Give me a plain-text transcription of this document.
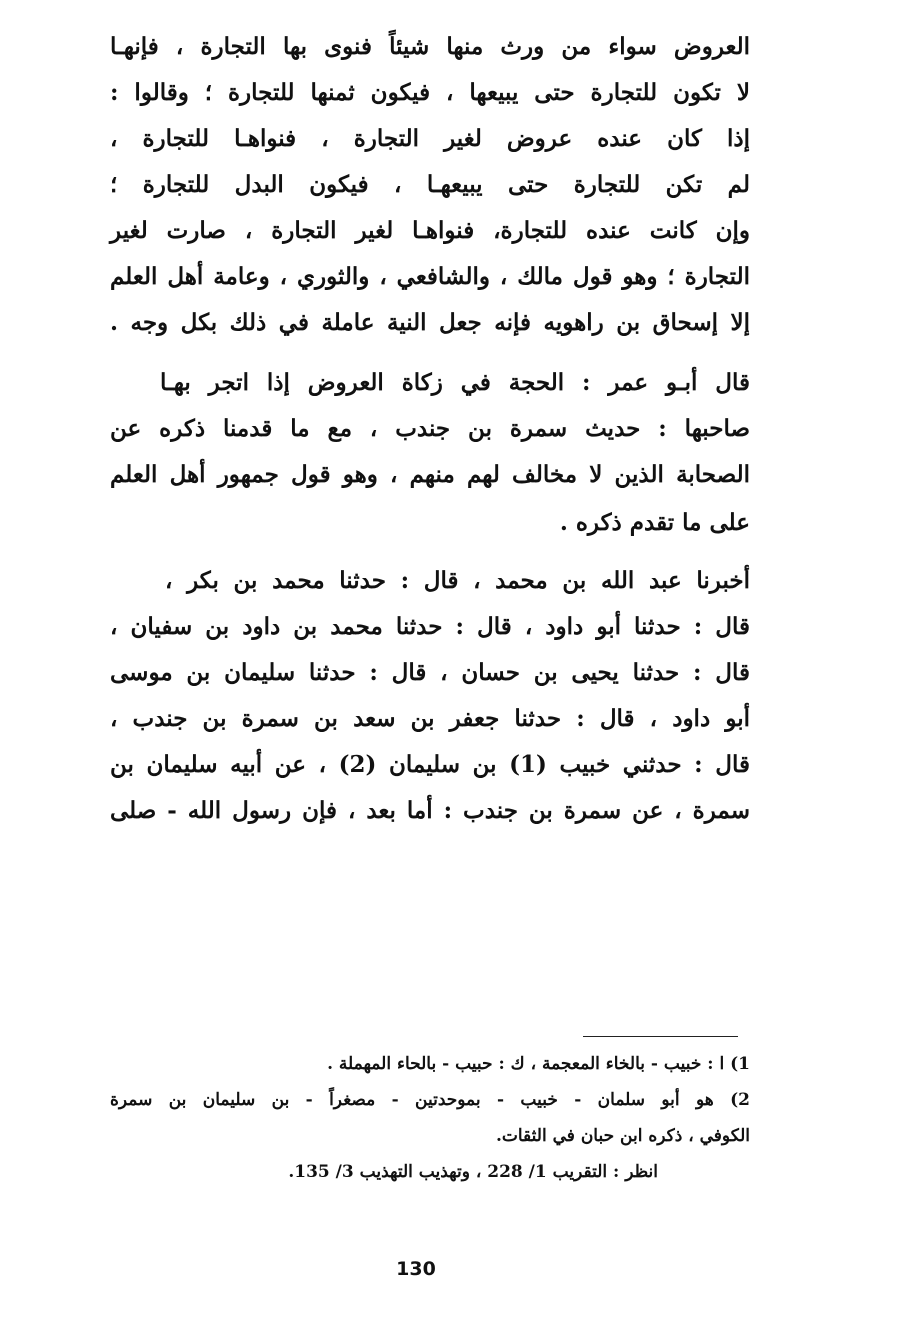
العروض سواء من ورث منها شيئاً فنوى بها التجارة ، فإنهـا
لا تكون للتجارة حتى يبيعها ، فيكون ثمنها للتجارة ؛ وقالوا :
إذا كان عنده عروض لغير التجارة ، فنواهـا للتجارة ،
لم تكن للتجارة حتى يبيعهـا ، فيكون البدل للتجارة ؛
وإن كانت عنده للتجارة، فنواهـا لغير التجارة ، صارت لغير
التجارة ؛ وهو قول مالك ، والشافعي ، والثوري ، وعامة أهل العلم
إلا إسحاق بن راهويه فإنه جعل النية عاملة في ذلك بكل وجه .
قال أبـو عمر : الحجة في زكاة العروض إذا اتجر بهـا
صاحبها : حديث سمرة بن جندب ، مع ما قدمنا ذكره عن
الصحابة الذين لا مخالف لهم منهم ، وهو قول جمهور أهل العلم
على ما تقدم ذكره .
أخبرنا عبد الله بن محمد ، قال : حدثنا محمد بن بكر ،
قال : حدثنا أبو داود ، قال : حدثنا محمد بن داود بن سفيان ،
قال : حدثنا يحيى بن حسان ، قال : حدثنا سليمان بن موسى
أبو داود ، قال : حدثنا جعفر بن سعد بن سمرة بن جندب ،
قال : حدثني خبيب (1) بن سليمان (2) ، عن أبيه سليمان بن
سمرة ، عن سمرة بن جندب : أما بعد ، فإن رسول الله - صلى
1) ا : خبيب - بالخاء المعجمة ، ك : حبيب - بالحاء المهملة .
2) هو أبو سلمان - خبيب - بموحدتين - مصغراً - بن سليمان بن سمرة
الكوفي ، ذكره ابن حبان في الثقات.
انظر : التقريب 1/ 228 ، وتهذيب التهذيب 3/ 135.
130
